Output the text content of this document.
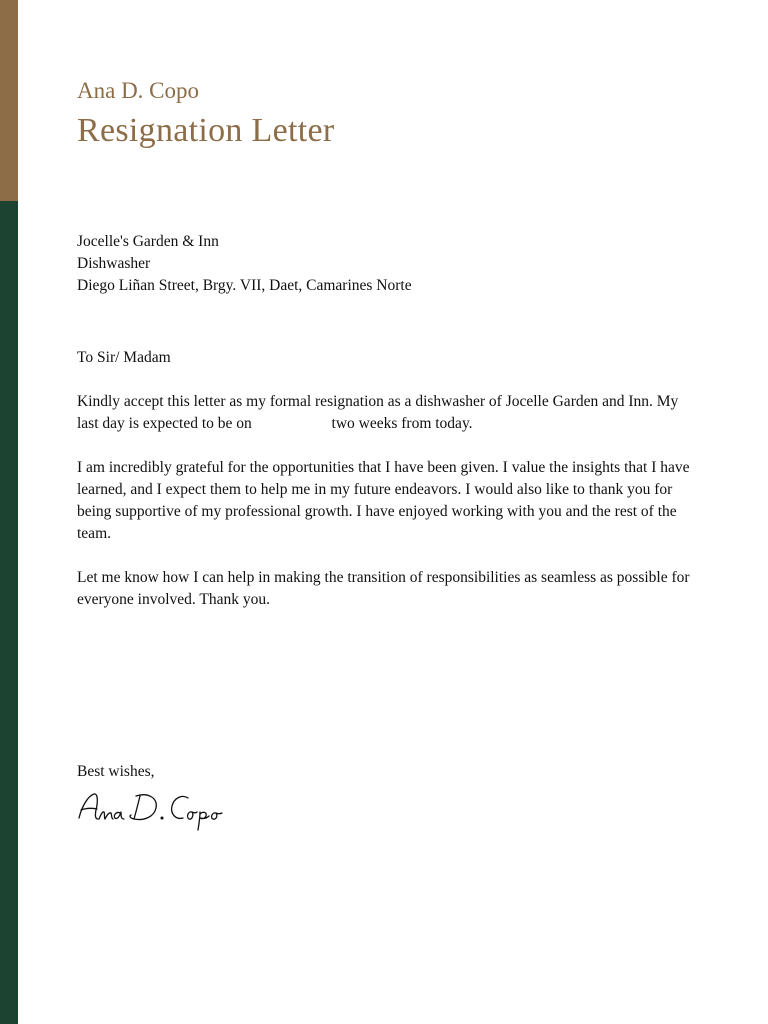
Ana D. Copo
Resignation Letter
Jocelle's Garden & Inn
Dishwasher
Diego Liñan Street, Brgy. VII, Daet, Camarines Norte
To Sir/ Madam

Kindly accept this letter as my formal resignation as a dishwasher of Jocelle Garden and Inn. My last day is expected to be on	two weeks from today.

I am incredibly grateful for the opportunities that I have been given. I value the insights that I have learned, and I expect them to help me in my future endeavors. I would also like to thank you for being supportive of my professional growth. I have enjoyed working with you and the rest of the team.

Let me know how I can help in making the transition of responsibilities as seamless as possible for everyone involved. Thank you.

Best wishes,
